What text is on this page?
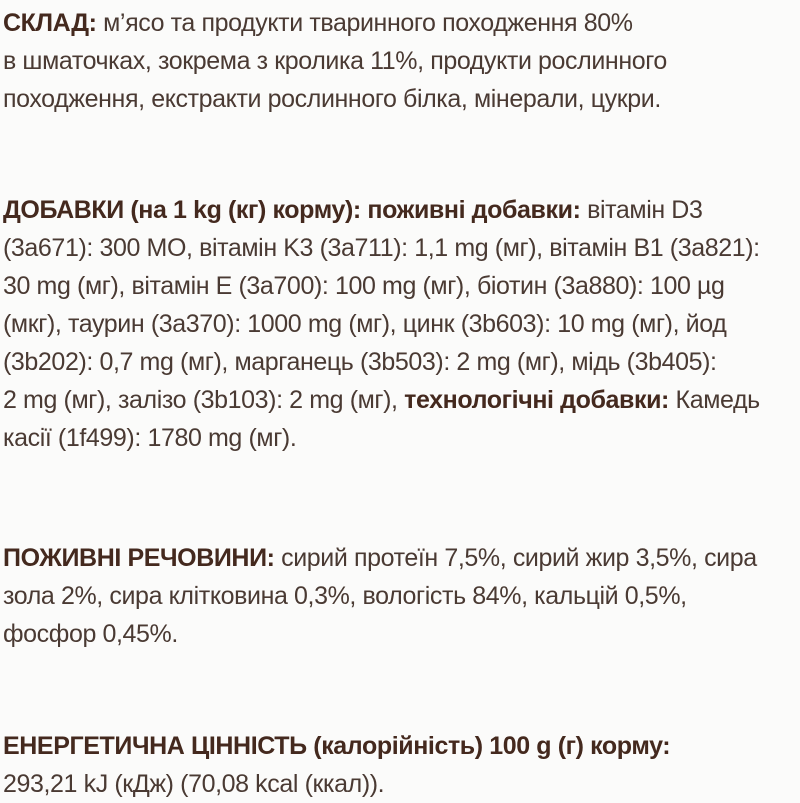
СКЛАД: м’ясо та продукти тваринного походження 80%
в шматочках, зокрема з кролика 11%, продукти рослинного
походження, екстракти рослинного білка, мінерали, цукри.
ДОБАВКИ (на 1 kg (кг) корму): поживні добавки: вітамін D3
(3а671): 300 МО, вітамін K3 (3а711): 1,1 mg (мг), вітамін B1 (3а821):
30 mg (мг), вітамін E (3а700): 100 mg (мг), біотин (3а880): 100 µg
(мкг), таурин (3а370): 1000 mg (мг), цинк (3b603): 10 mg (мг), йод
(3b202): 0,7 mg (мг), марганець (3b503): 2 mg (мг), мідь (3b405):
2 mg (мг), залізо (3b103): 2 mg (мг), технологічні добавки: Камедь
касії (1f499): 1780 mg (мг).
ПОЖИВНІ РЕЧОВИНИ: сирий протеїн 7,5%, сирий жир 3,5%, сира
зола 2%, сира клітковина 0,3%, вологість 84%, кальцій 0,5%,
фосфор 0,45%.
ЕНЕРГЕТИЧНА ЦІННІСТЬ (калорійність) 100 g (г) корму:
293,21 kJ (кДж) (70,08 kcal (ккал)).
